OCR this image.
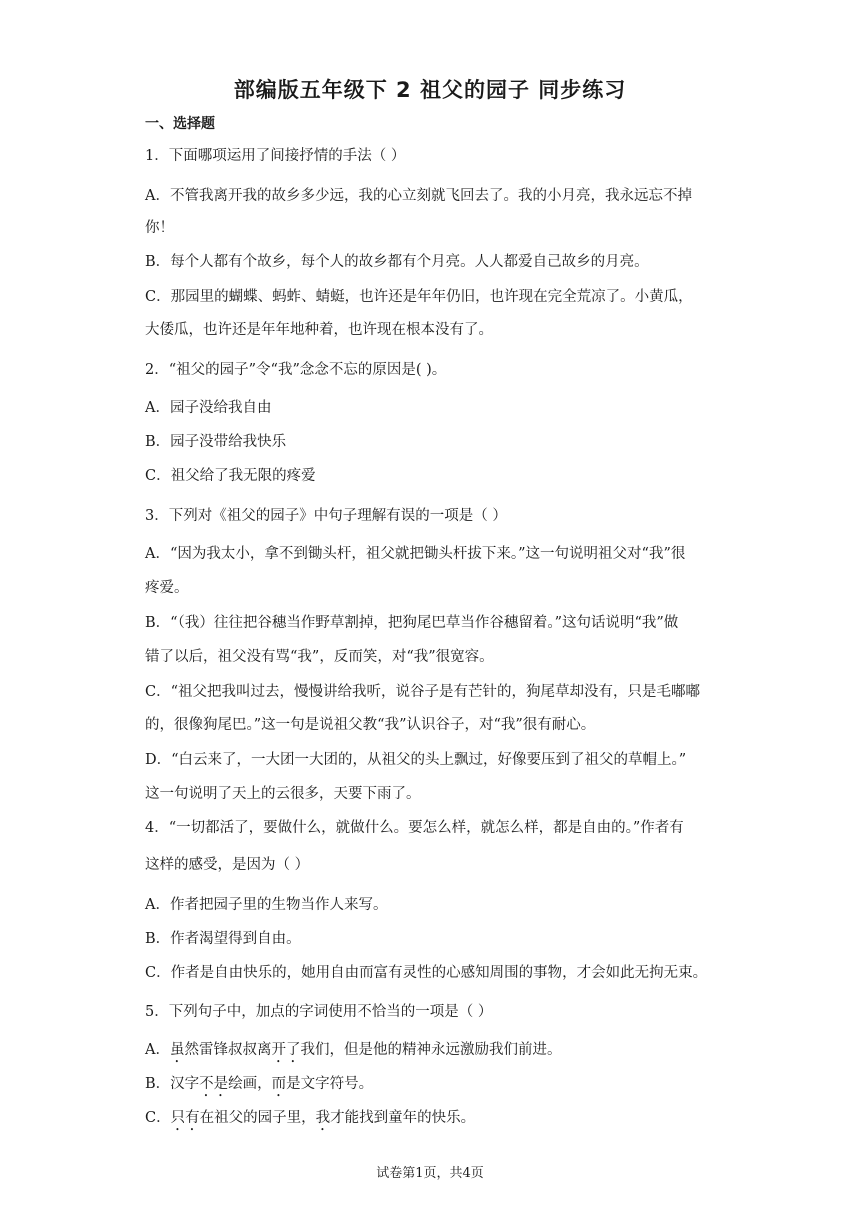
部编版五年级下 2 祖父的园子 同步练习
一、选择题
1．下面哪项运用了间接抒情的手法（ ）
A．不管我离开我的故乡多少远，我的心立刻就飞回去了。我的小月亮，我永远忘不掉
你！
B．每个人都有个故乡，每个人的故乡都有个月亮。人人都爱自己故乡的月亮。
C．那园里的蝴蝶、蚂蚱、蜻蜓，也许还是年年仍旧，也许现在完全荒凉了。小黄瓜，
大倭瓜，也许还是年年地种着，也许现在根本没有了。
2．“祖父的园子”令“我”念念不忘的原因是( )。
A．园子没给我自由
B．园子没带给我快乐
C．祖父给了我无限的疼爱
3．下列对《祖父的园子》中句子理解有误的一项是（ ）
A．“因为我太小，拿不到锄头杆，祖父就把锄头杆拔下来。”这一句说明祖父对“我”很
疼爱。
B．“（我）往往把谷穗当作野草割掉，把狗尾巴草当作谷穗留着。”这句话说明“我”做
错了以后，祖父没有骂“我”，反而笑，对“我”很宽容。
C．“祖父把我叫过去，慢慢讲给我听，说谷子是有芒针的，狗尾草却没有，只是毛嘟嘟
的，很像狗尾巴。”这一句是说祖父教“我”认识谷子，对“我”很有耐心。
D．“白云来了，一大团一大团的，从祖父的头上飘过，好像要压到了祖父的草帽上。”
这一句说明了天上的云很多，天要下雨了。
4．“一切都活了，要做什么，就做什么。要怎么样，就怎么样，都是自由的。”作者有
这样的感受，是因为（ ）
A．作者把园子里的生物当作人来写。
B．作者渴望得到自由。
C．作者是自由快乐的，她用自由而富有灵性的心感知周围的事物，才会如此无拘无束。
5．下列句子中，加点的字词使用不恰当的一项是（ ）
A．虽然雷锋叔叔离开了我们，但是他的精神永远激励我们前进。
B．汉字不是绘画，而是文字符号。
C．只有在祖父的园子里，我才能找到童年的快乐。
试卷第1页，共4页
